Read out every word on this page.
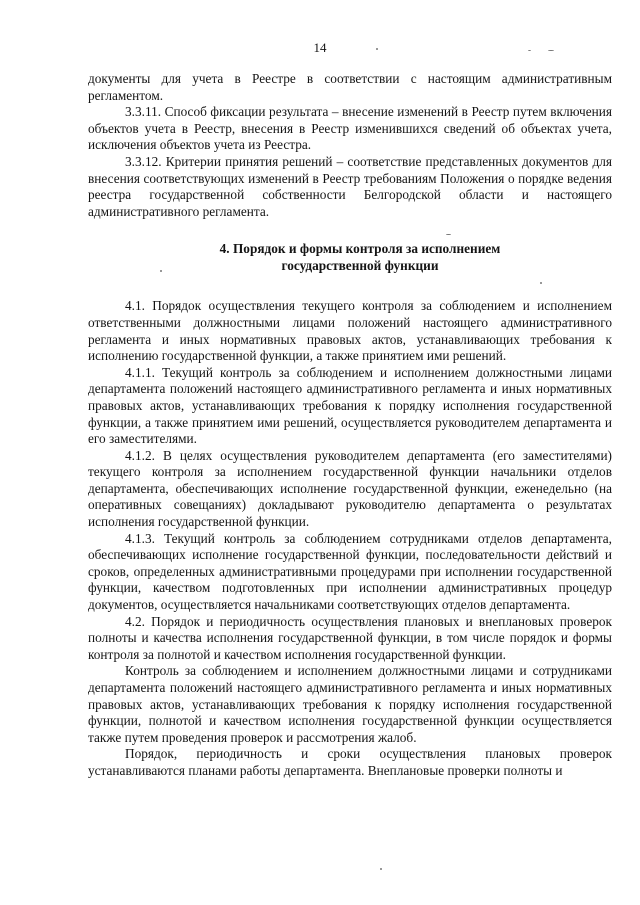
14

документы для учета в Реестре в соответствии с настоящим административным регламентом.

3.3.11. Способ фиксации результата – внесение изменений в Реестр путем включения объектов учета в Реестр, внесения в Реестр изменившихся сведений об объектах учета, исключения объектов учета из Реестра.

3.3.12. Критерии принятия решений – соответствие представленных документов для внесения соответствующих изменений в Реестр требованиям Положения о порядке ведения реестра государственной собственности Белгородской области и настоящего административного регламента.

4. Порядок и формы контроля за исполнением
государственной функции

4.1. Порядок осуществления текущего контроля за соблюдением и исполнением ответственными должностными лицами положений настоящего административного регламента и иных нормативных правовых актов, устанавливающих требования к исполнению государственной функции, а также принятием ими решений.

4.1.1. Текущий контроль за соблюдением и исполнением должностными лицами департамента положений настоящего административного регламента и иных нормативных правовых актов, устанавливающих требования к порядку исполнения государственной функции, а также принятием ими решений, осуществляется руководителем департамента и его заместителями.

4.1.2. В целях осуществления руководителем департамента (его заместителями) текущего контроля за исполнением государственной функции начальники отделов департамента, обеспечивающих исполнение государственной функции, еженедельно (на оперативных совещаниях) докладывают руководителю департамента о результатах исполнения государственной функции.

4.1.3. Текущий контроль за соблюдением сотрудниками отделов департамента, обеспечивающих исполнение государственной функции, последовательности действий и сроков, определенных административными процедурами при исполнении государственной функции, качеством подготовленных при исполнении административных процедур документов, осуществляется начальниками соответствующих отделов департамента.

4.2. Порядок и периодичность осуществления плановых и внеплановых проверок полноты и качества исполнения государственной функции, в том числе порядок и формы контроля за полнотой и качеством исполнения государственной функции.

Контроль за соблюдением и исполнением должностными лицами и сотрудниками департамента положений настоящего административного регламента и иных нормативных правовых актов, устанавливающих требования к порядку исполнения государственной функции, полнотой и качеством исполнения государственной функции осуществляется также путем проведения проверок и рассмотрения жалоб.

Порядок, периодичность и сроки осуществления плановых проверок устанавливаются планами работы департамента. Внеплановые проверки полноты и
